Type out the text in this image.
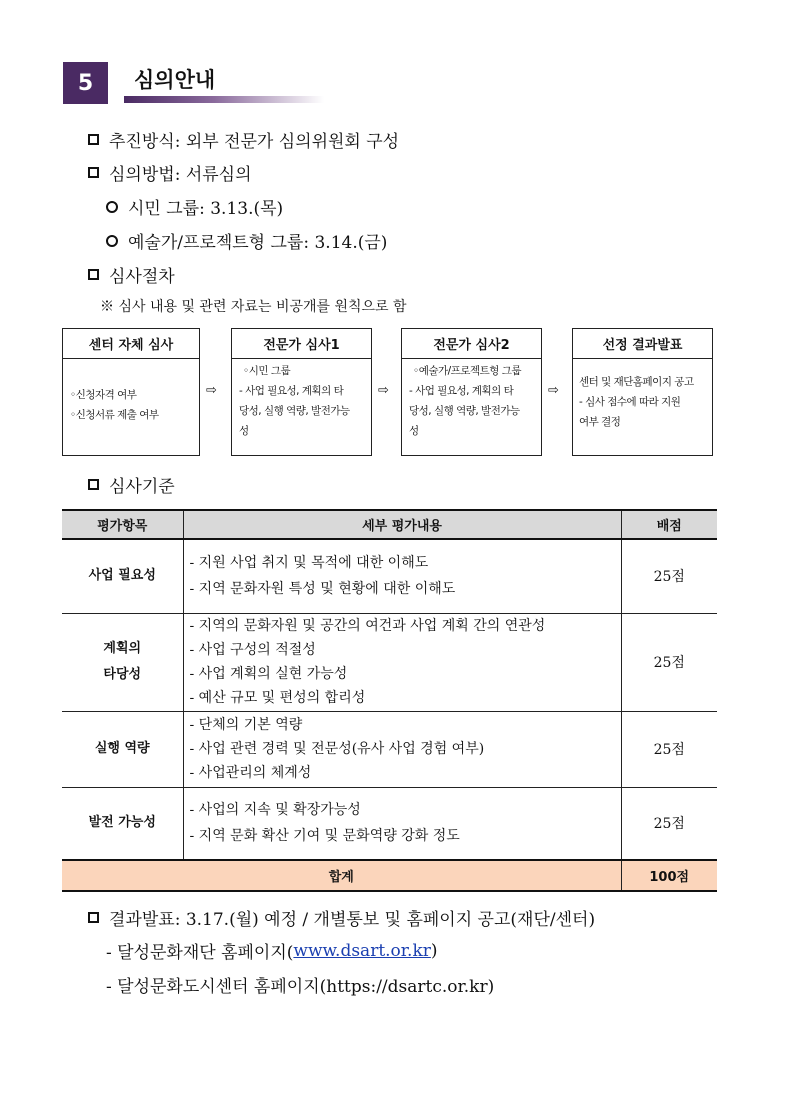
5	심의안내
추진방식: 외부 전문가 심의위원회 구성
심의방법: 서류심의
시민 그룹: 3.13.(목)
예술가/프로젝트형 그룹: 3.14.(금)
심사절차
※ 심사 내용 및 관련 자료는 비공개를 원칙으로 함
센터 자체 심사
◦신청자격 여부
◦신청서류 제출 여부
⇨
전문가 심사1
◦시민 그룹
- 사업 필요성, 계획의 타
당성, 실행 역량, 발전가능
성
⇨
전문가 심사2
◦예술가/프로젝트형 그룹
- 사업 필요성, 계획의 타
당성, 실행 역량, 발전가능
성
⇨
선정 결과발표
센터 및 재단홈페이지 공고
- 심사 점수에 따라 지원
여부 결정
심사기준
평가항목	세부 평가내용	배점
사업 필요성	- 지원 사업 취지 및 목적에 대한 이해도
- 지역 문화자원 특성 및 현황에 대한 이해도	25점

계획의
타당성	- 지역의 문화자원 및 공간의 여건과 사업 계획 간의 연관성
- 사업 구성의 적절성
- 사업 계획의 실현 가능성
- 예산 규모 및 편성의 합리성	25점
실행 역량	- 단체의 기본 역량
- 사업 관련 경력 및 전문성(유사 사업 경험 여부)
- 사업관리의 체계성	25점
발전 가능성	- 사업의 지속 및 확장가능성
- 지역 문화 확산 기여 및 문화역량 강화 정도	25점
합계		100점
결과발표: 3.17.(월) 예정 / 개별통보 및 홈페이지 공고(재단/센터)
- 달성문화재단 홈페이지( www.dsart.or.kr )
- 달성문화도시센터 홈페이지(https://dsartc.or.kr)
